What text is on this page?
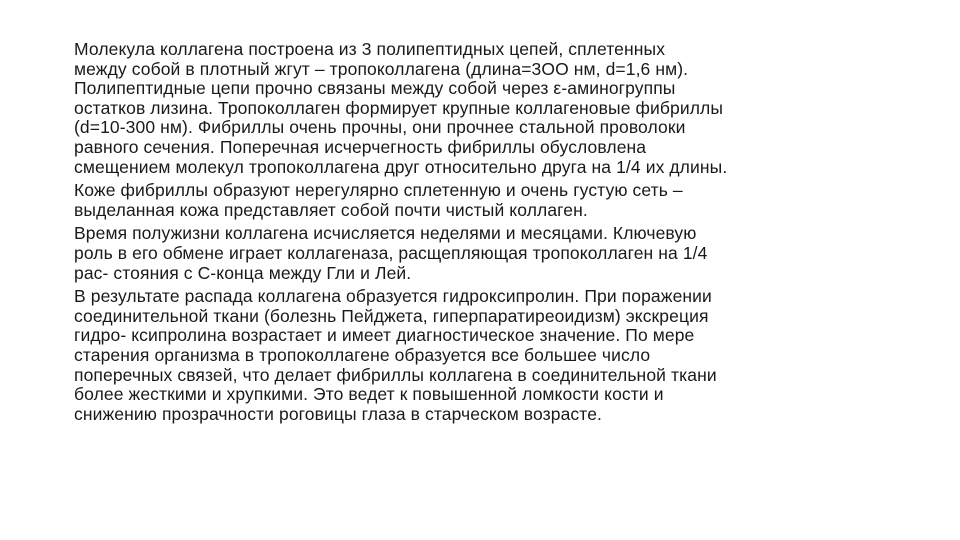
Молекула коллагена построена из 3 полипептидных цепей, сплетенных
между собой в плотный жгут – тропоколлагена (длина=3ОО нм, d=1,6 нм).
Полипептидные цепи прочно связаны между собой через ε-аминогруппы
остатков лизина. Тропоколлаген формирует крупные коллагеновые фибриллы
(d=10-300 нм). Фибриллы очень прочны, они прочнее стальной проволоки
равного сечения. Поперечная исчерчегность фибриллы обусловлена
смещением молекул тропоколлагена друг относительно друга на 1/4 их длины.

Коже фибриллы образуют нерегулярно сплетенную и очень густую сеть –
выделанная кожа представляет собой почти чистый коллаген.

Время полужизни коллагена исчисляется неделями и месяцами. Ключевую
роль в его обмене играет коллагеназа, расщепляющая тропоколлаген на 1/4
рас- стояния с С-конца между Гли и Лей.

В результате распада коллагена образуется гидроксипролин. При поражении
соединительной ткани (болезнь Пейджета, гиперпаратиреоидизм) экскреция
гидро- ксипролина возрастает и имеет диагностическое значение. По мере
старения организма в тропоколлагене образуется все большее число
поперечных связей, что делает фибриллы коллагена в соединительной ткани
более жесткими и хрупкими. Это ведет к повышенной ломкости кости и
снижению прозрачности роговицы глаза в старческом возрасте.
